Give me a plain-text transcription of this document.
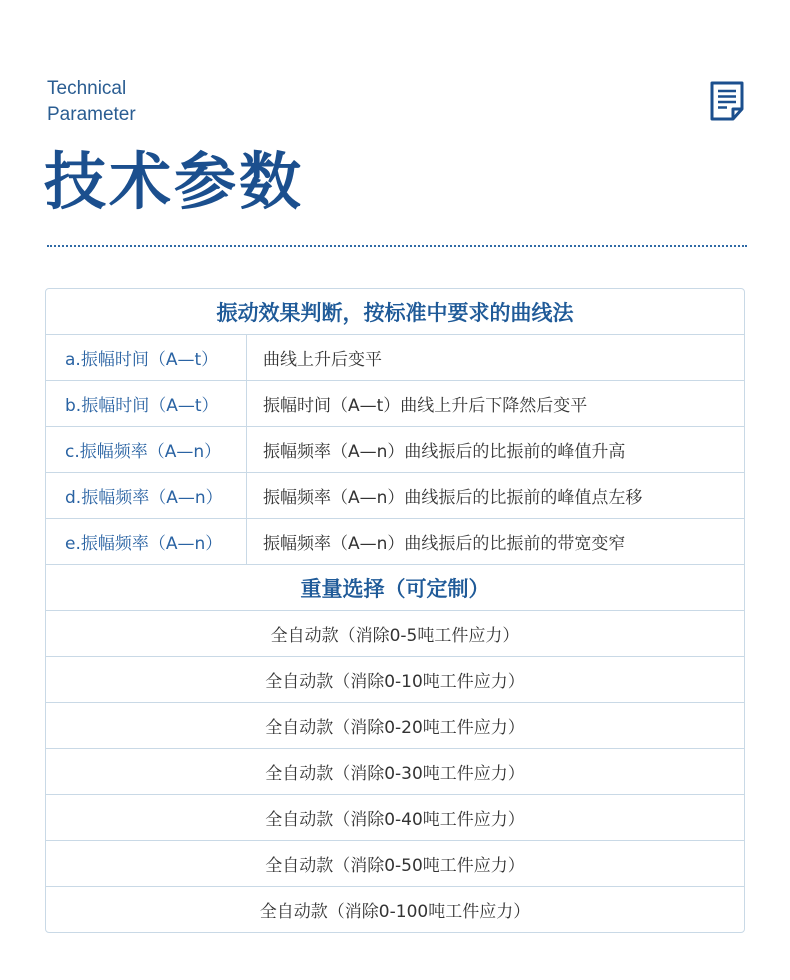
Technical
Parameter
技术参数
振动效果判断，按标准中要求的曲线法
a.振幅时间（A—t）	曲线上升后变平
b.振幅时间（A—t）	振幅时间（A—t）曲线上升后下降然后变平
c.振幅频率（A—n）	振幅频率（A—n）曲线振后的比振前的峰值升高
d.振幅频率（A—n）	振幅频率（A—n）曲线振后的比振前的峰值点左移
e.振幅频率（A—n）	振幅频率（A—n）曲线振后的比振前的带宽变窄
重量选择（可定制）
全自动款（消除0-5吨工件应力）
全自动款（消除0-10吨工件应力）
全自动款（消除0-20吨工件应力）
全自动款（消除0-30吨工件应力）
全自动款（消除0-40吨工件应力）
全自动款（消除0-50吨工件应力）
全自动款（消除0-100吨工件应力）
